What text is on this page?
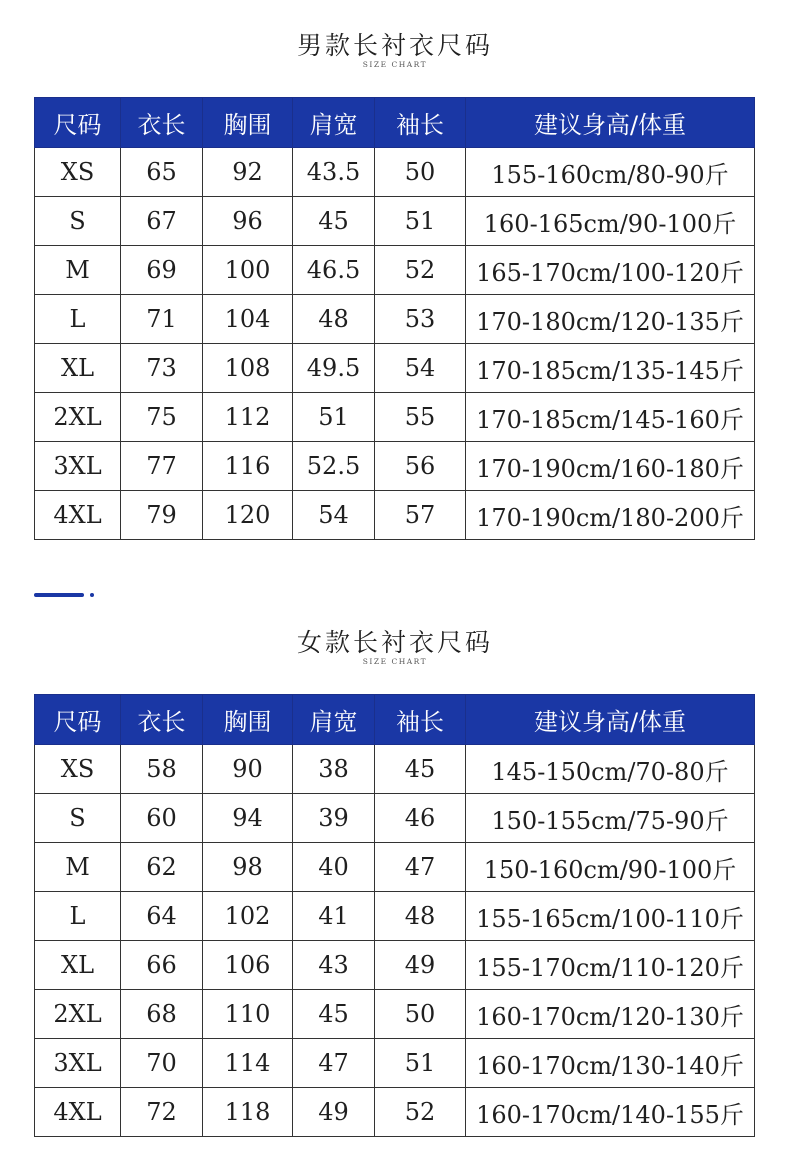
男款长衬衣尺码
SIZE CHART
尺码	衣长	胸围	肩宽	袖长	建议身高/体重
XS	65	92	43.5	50	155-160cm/80-90斤
S	67	96	45	51	160-165cm/90-100斤
M	69	100	46.5	52	165-170cm/100-120斤
L	71	104	48	53	170-180cm/120-135斤
XL	73	108	49.5	54	170-185cm/135-145斤
2XL	75	112	51	55	170-185cm/145-160斤
3XL	77	116	52.5	56	170-190cm/160-180斤
4XL	79	120	54	57	170-190cm/180-200斤
女款长衬衣尺码
SIZE CHART
尺码	衣长	胸围	肩宽	袖长	建议身高/体重
XS	58	90	38	45	145-150cm/70-80斤
S	60	94	39	46	150-155cm/75-90斤
M	62	98	40	47	150-160cm/90-100斤
L	64	102	41	48	155-165cm/100-110斤
XL	66	106	43	49	155-170cm/110-120斤
2XL	68	110	45	50	160-170cm/120-130斤
3XL	70	114	47	51	160-170cm/130-140斤
4XL	72	118	49	52	160-170cm/140-155斤
